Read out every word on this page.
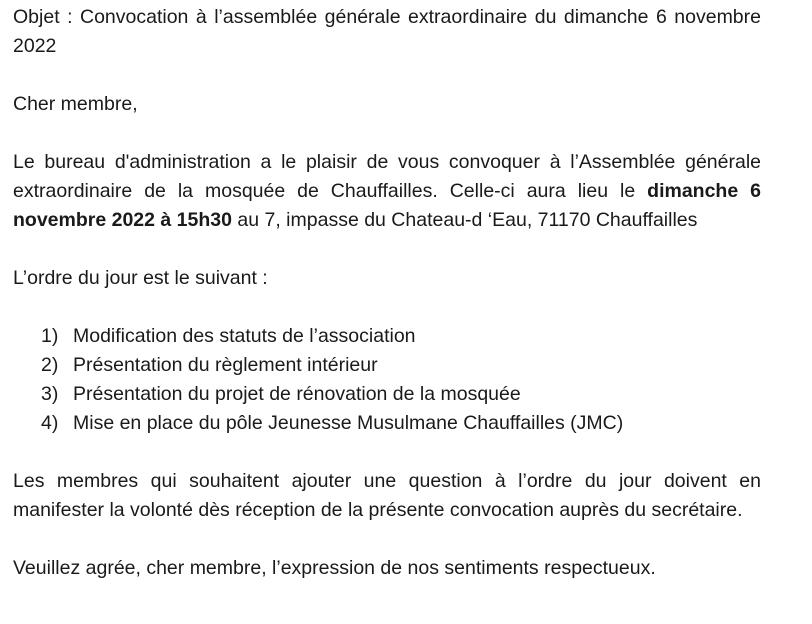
Objet : Convocation à l’assemblée générale extraordinaire du dimanche 6 novembre 2022

Cher membre,

Le bureau d'administration a le plaisir de vous convoquer à l’Assemblée générale extraordinaire de la mosquée de Chauffailles. Celle-ci aura lieu le dimanche 6 novembre 2022 à 15h30 au 7, impasse du Chateau-d ‘Eau, 71170 Chauffailles

L’ordre du jour est le suivant :

1) Modification des statuts de l’association
2) Présentation du règlement intérieur
3) Présentation du projet de rénovation de la mosquée
4) Mise en place du pôle Jeunesse Musulmane Chauffailles (JMC)

Les membres qui souhaitent ajouter une question à l’ordre du jour doivent en manifester la volonté dès réception de la présente convocation auprès du secrétaire.

Veuillez agrée, cher membre, l’expression de nos sentiments respectueux.
